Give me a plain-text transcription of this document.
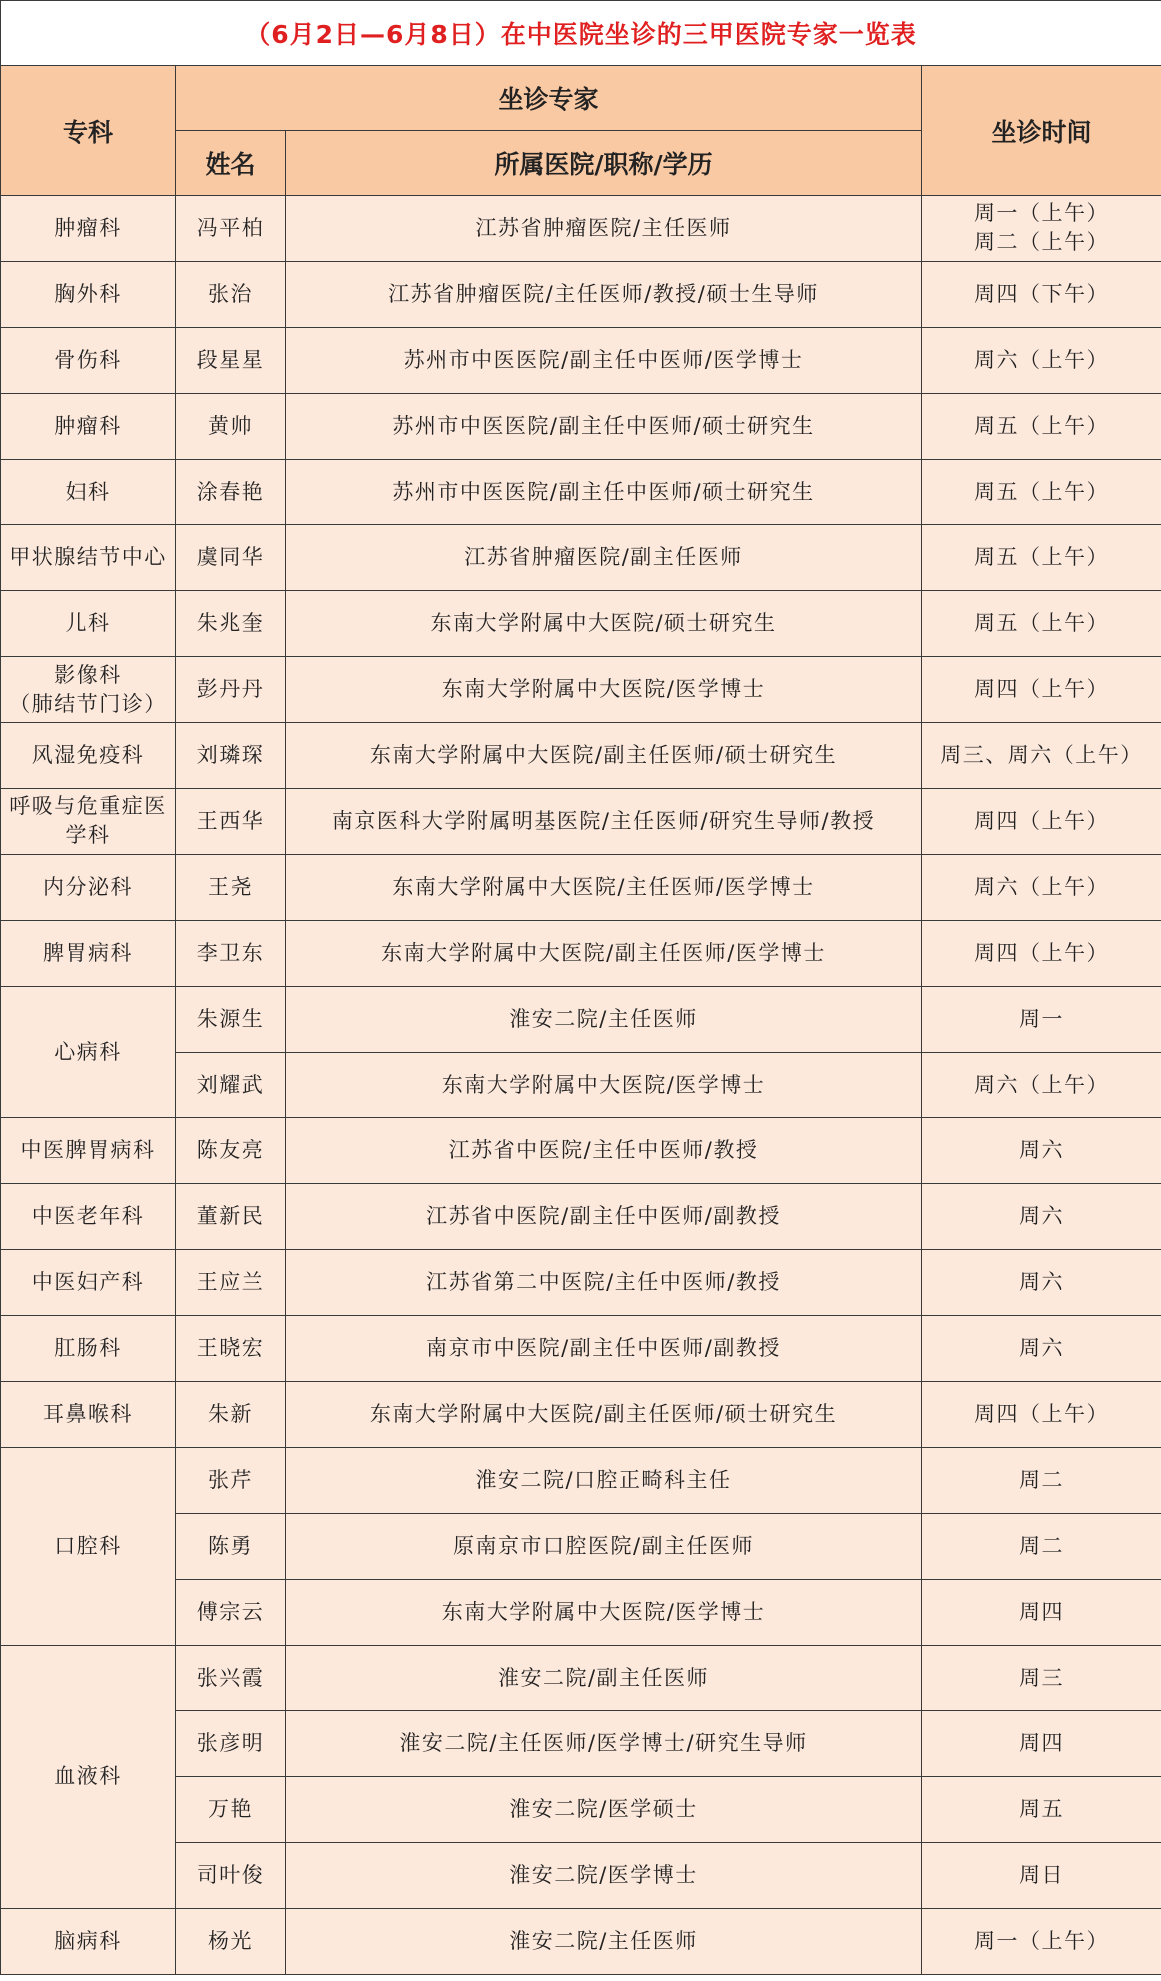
（6月2日—6月8日）在中医院坐诊的三甲医院专家一览表			
专科	坐诊专家		坐诊时间
	姓名	所属医院/职称/学历	
肿瘤科	冯平柏	江苏省肿瘤医院/主任医师	周一（上午）
周二（上午）
胸外科	张治	江苏省肿瘤医院/主任医师/教授/硕士生导师	周四（下午）
骨伤科	段星星	苏州市中医医院/副主任中医师/医学博士	周六（上午）
肿瘤科	黄帅	苏州市中医医院/副主任中医师/硕士研究生	周五（上午）
妇科	涂春艳	苏州市中医医院/副主任中医师/硕士研究生	周五（上午）
甲状腺结节中心	虞同华	江苏省肿瘤医院/副主任医师	周五（上午）
儿科	朱兆奎	东南大学附属中大医院/硕士研究生	周五（上午）
影像科
（肺结节门诊）	彭丹丹	东南大学附属中大医院/医学博士	周四（上午）
风湿免疫科	刘璘琛	东南大学附属中大医院/副主任医师/硕士研究生	周三、周六（上午）
呼吸与危重症医
学科	王西华	南京医科大学附属明基医院/主任医师/研究生导师/教授	周四（上午）
内分泌科	王尧	东南大学附属中大医院/主任医师/医学博士	周六（上午）
脾胃病科	李卫东	东南大学附属中大医院/副主任医师/医学博士	周四（上午）
心病科	朱源生	淮安二院/主任医师	周一
	刘耀武	东南大学附属中大医院/医学博士	周六（上午）
中医脾胃病科	陈友亮	江苏省中医院/主任中医师/教授	周六
中医老年科	董新民	江苏省中医院/副主任中医师/副教授	周六
中医妇产科	王应兰	江苏省第二中医院/主任中医师/教授	周六
肛肠科	王晓宏	南京市中医院/副主任中医师/副教授	周六
耳鼻喉科	朱新	东南大学附属中大医院/副主任医师/硕士研究生	周四（上午）
口腔科	张芹	淮安二院/口腔正畸科主任	周二
	陈勇	原南京市口腔医院/副主任医师	周二
	傅宗云	东南大学附属中大医院/医学博士	周四
血液科	张兴霞	淮安二院/副主任医师	周三
	张彦明	淮安二院/主任医师/医学博士/研究生导师	周四
	万艳	淮安二院/医学硕士	周五
	司叶俊	淮安二院/医学博士	周日
脑病科	杨光	淮安二院/主任医师	周一（上午）
